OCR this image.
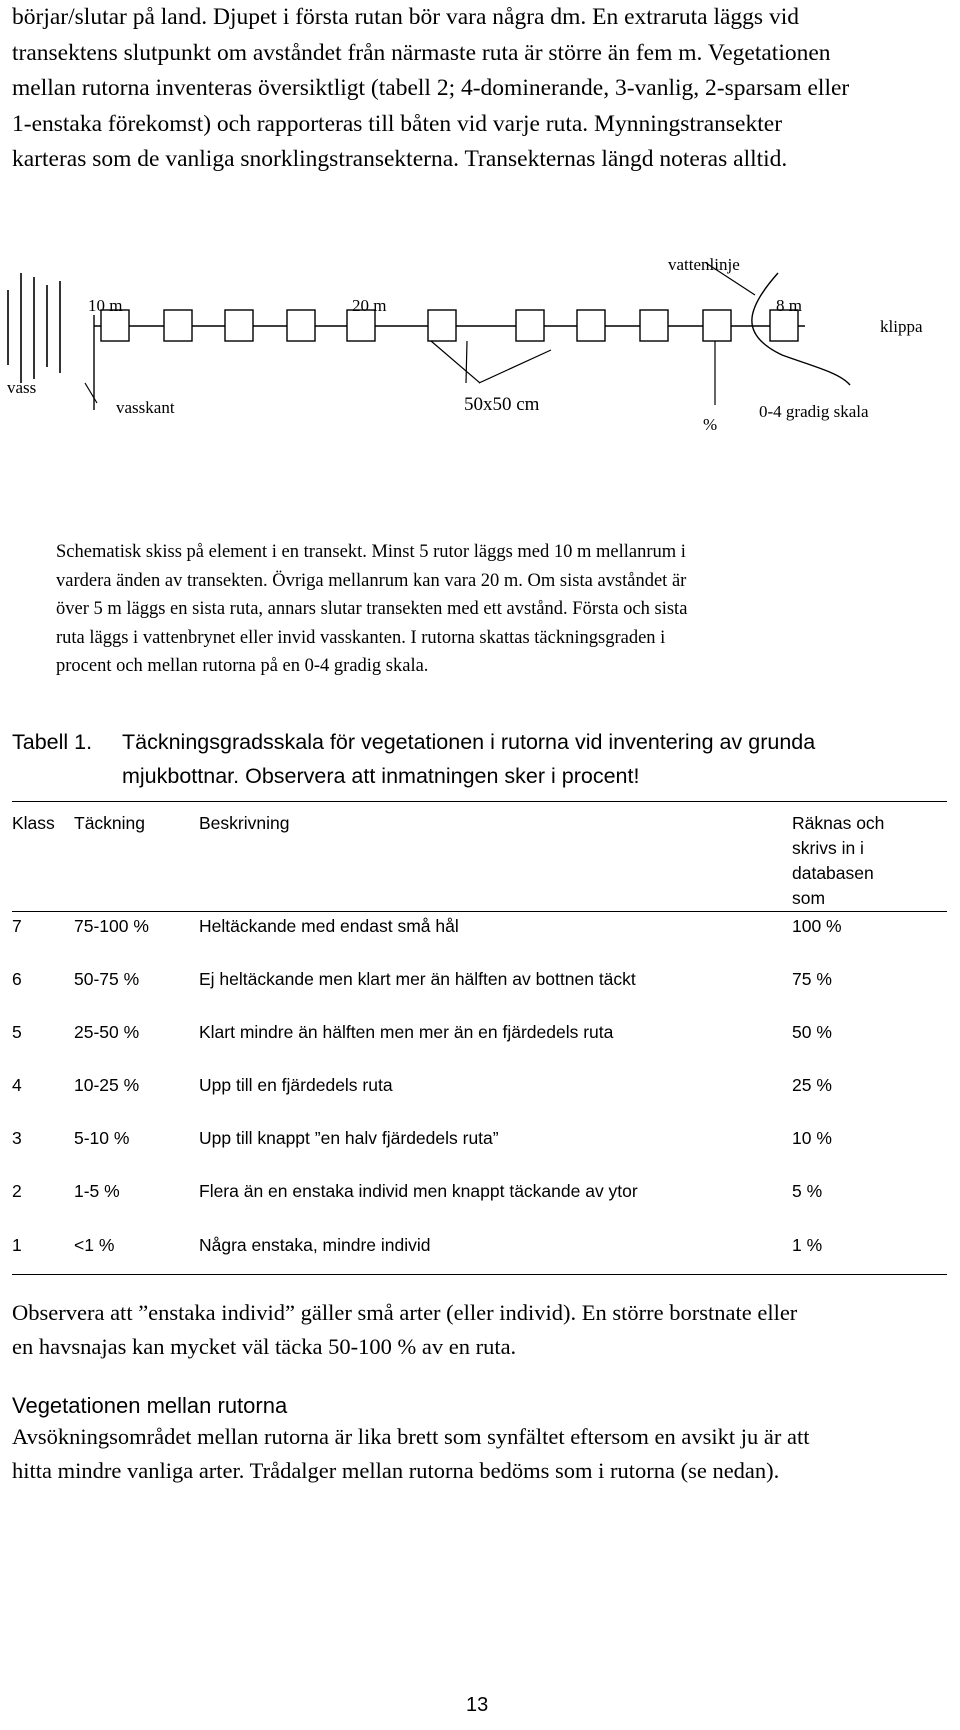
börjar/slutar på land. Djupet i första rutan bör vara några dm. En extraruta läggs vid

transektens slutpunkt om avståndet från närmaste ruta är större än fem m. Vegetationen

mellan rutorna inventeras översiktligt (tabell 2; 4-dominerande, 3-vanlig, 2-sparsam eller

1-enstaka förekomst) och rapporteras till båten vid varje ruta. Mynningstransekter

karteras som de vanliga snorklingstransekterna. Transekternas längd noteras alltid.

vattenlinje
10 m	20 m	8 m
klippa
vass
vasskant	50x50 cm
%
0-4 gradig skala

Schematisk skiss på element i en transekt. Minst 5 rutor läggs med 10 m mellanrum i

vardera änden av transekten. Övriga mellanrum kan vara 20 m. Om sista avståndet är

över 5 m läggs en sista ruta, annars slutar transekten med ett avstånd. Första och sista

ruta läggs i vattenbrynet eller invid vasskanten. I rutorna skattas täckningsgraden i

procent och mellan rutorna på en 0-4 gradig skala.

Tabell 1. Täckningsgradsskala för vegetationen i rutorna vid inventering av grunda
mjukbottnar. Observera att inmatningen sker i procent!
Klass Täckning	Beskrivning	Räknas och
skrivs in i
databasen
som
7	75-100 %	Heltäckande med endast små hål	100 %
6	50-75 %	Ej heltäckande men klart mer än hälften av bottnen täckt	75 %
5	25-50 %	Klart mindre än hälften men mer än en fjärdedels ruta	50 %
4	10-25 %	Upp till en fjärdedels ruta	25 %
3	5-10 %	Upp till knappt ”en halv fjärdedels ruta”	10 %
2	1-5 %	Flera än en enstaka individ men knappt täckande av ytor	5 %
1	<1 %	Några enstaka, mindre individ	1 %

Observera att ”enstaka individ” gäller små arter (eller individ). En större borstnate eller

en havsnajas kan mycket väl täcka 50-100 % av en ruta.

Vegetationen mellan rutorna

Avsökningsområdet mellan rutorna är lika brett som synfältet eftersom en avsikt ju är att

hitta mindre vanliga arter. Trådalger mellan rutorna bedöms som i rutorna (se nedan).

13
